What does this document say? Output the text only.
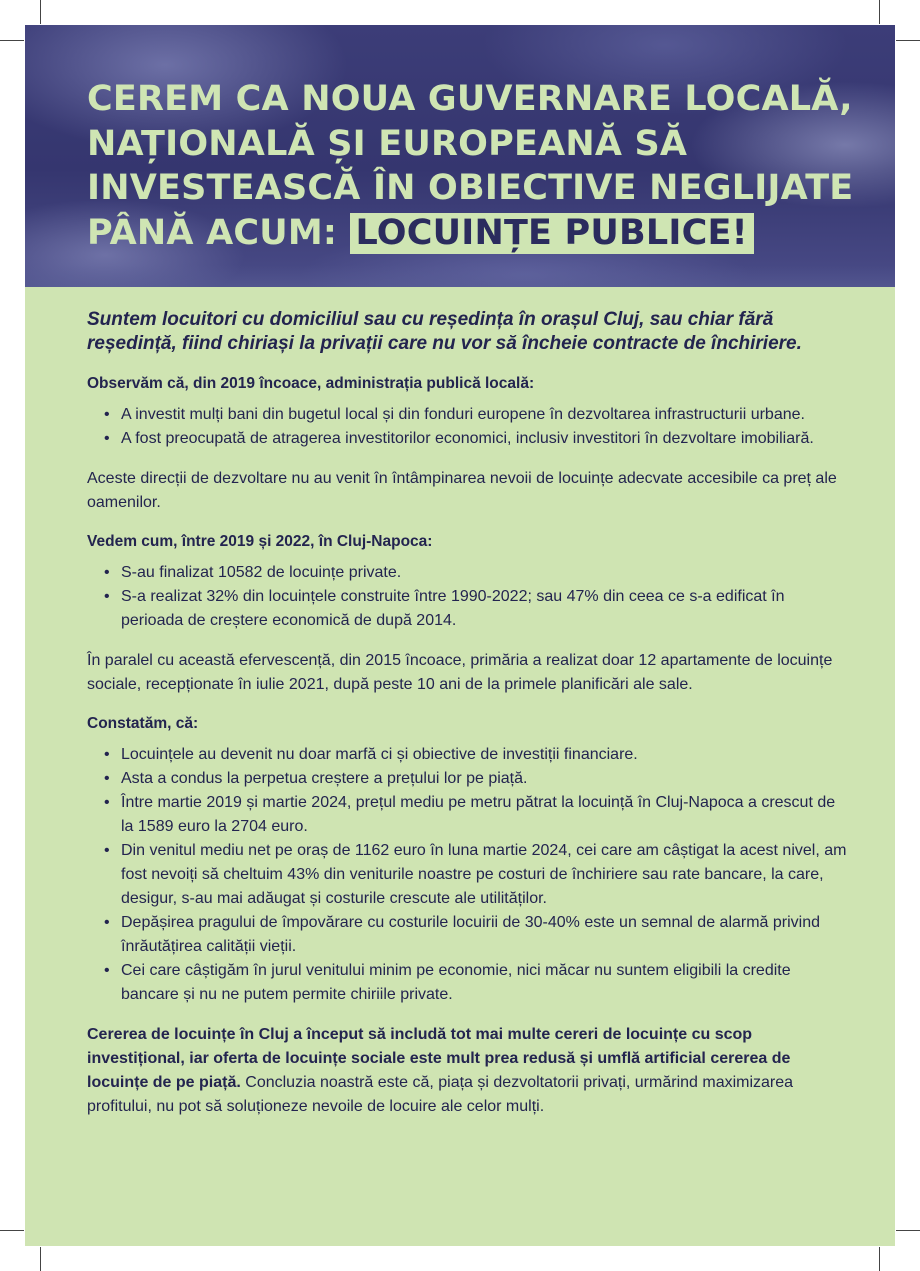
CEREM CA NOUA GUVERNARE LOCALĂ,
NAȚIONALĂ ȘI EUROPEANĂ SĂ
INVESTEASCĂ ÎN OBIECTIVE NEGLIJATE
PÂNĂ ACUM: LOCUINȚE PUBLICE!

Suntem locuitori cu domiciliul sau cu reședința în orașul Cluj, sau chiar fără reședință, fiind chiriași la privații care nu vor să încheie contracte de închiriere.

Observăm că, din 2019 încoace, administrația publică locală:
• A investit mulți bani din bugetul local și din fonduri europene în dezvoltarea infrastructurii urbane.
• A fost preocupată de atragerea investitorilor economici, inclusiv investitori în dezvoltare imobiliară.

Aceste direcții de dezvoltare nu au venit în întâmpinarea nevoii de locuințe adecvate accesibile ca preț ale oamenilor.

Vedem cum, între 2019 și 2022, în Cluj-Napoca:
• S-au finalizat 10582 de locuințe private.
• S-a realizat 32% din locuințele construite între 1990-2022; sau 47% din ceea ce s-a edificat în perioada de creștere economică de după 2014.

În paralel cu această efervescență, din 2015 încoace, primăria a realizat doar 12 apartamente de locuințe sociale, recepționate în iulie 2021, după peste 10 ani de la primele planificări ale sale.

Constatăm, că:
• Locuințele au devenit nu doar marfă ci și obiective de investiții financiare.
• Asta a condus la perpetua creștere a prețului lor pe piață.
• Între martie 2019 și martie 2024, prețul mediu pe metru pătrat la locuință în Cluj-Napoca a crescut de la 1589 euro la 2704 euro.
• Din venitul mediu net pe oraș de 1162 euro în luna martie 2024, cei care am câștigat la acest nivel, am fost nevoiți să cheltuim 43% din veniturile noastre pe costuri de închiriere sau rate bancare, la care, desigur, s-au mai adăugat și costurile crescute ale utilităților.
• Depășirea pragului de împovărare cu costurile locuirii de 30-40% este un semnal de alarmă privind înrăutățirea calității vieții.
• Cei care câștigăm în jurul venitului minim pe economie, nici măcar nu suntem eligibili la credite bancare și nu ne putem permite chiriile private.

Cererea de locuințe în Cluj a început să includă tot mai multe cereri de locuințe cu scop investițional, iar oferta de locuințe sociale este mult prea redusă și umflă artificial cererea de locuințe de pe piață. Concluzia noastră este că, piața și dezvoltatorii privați, urmărind maximizarea profitului, nu pot să soluționeze nevoile de locuire ale celor mulți.
